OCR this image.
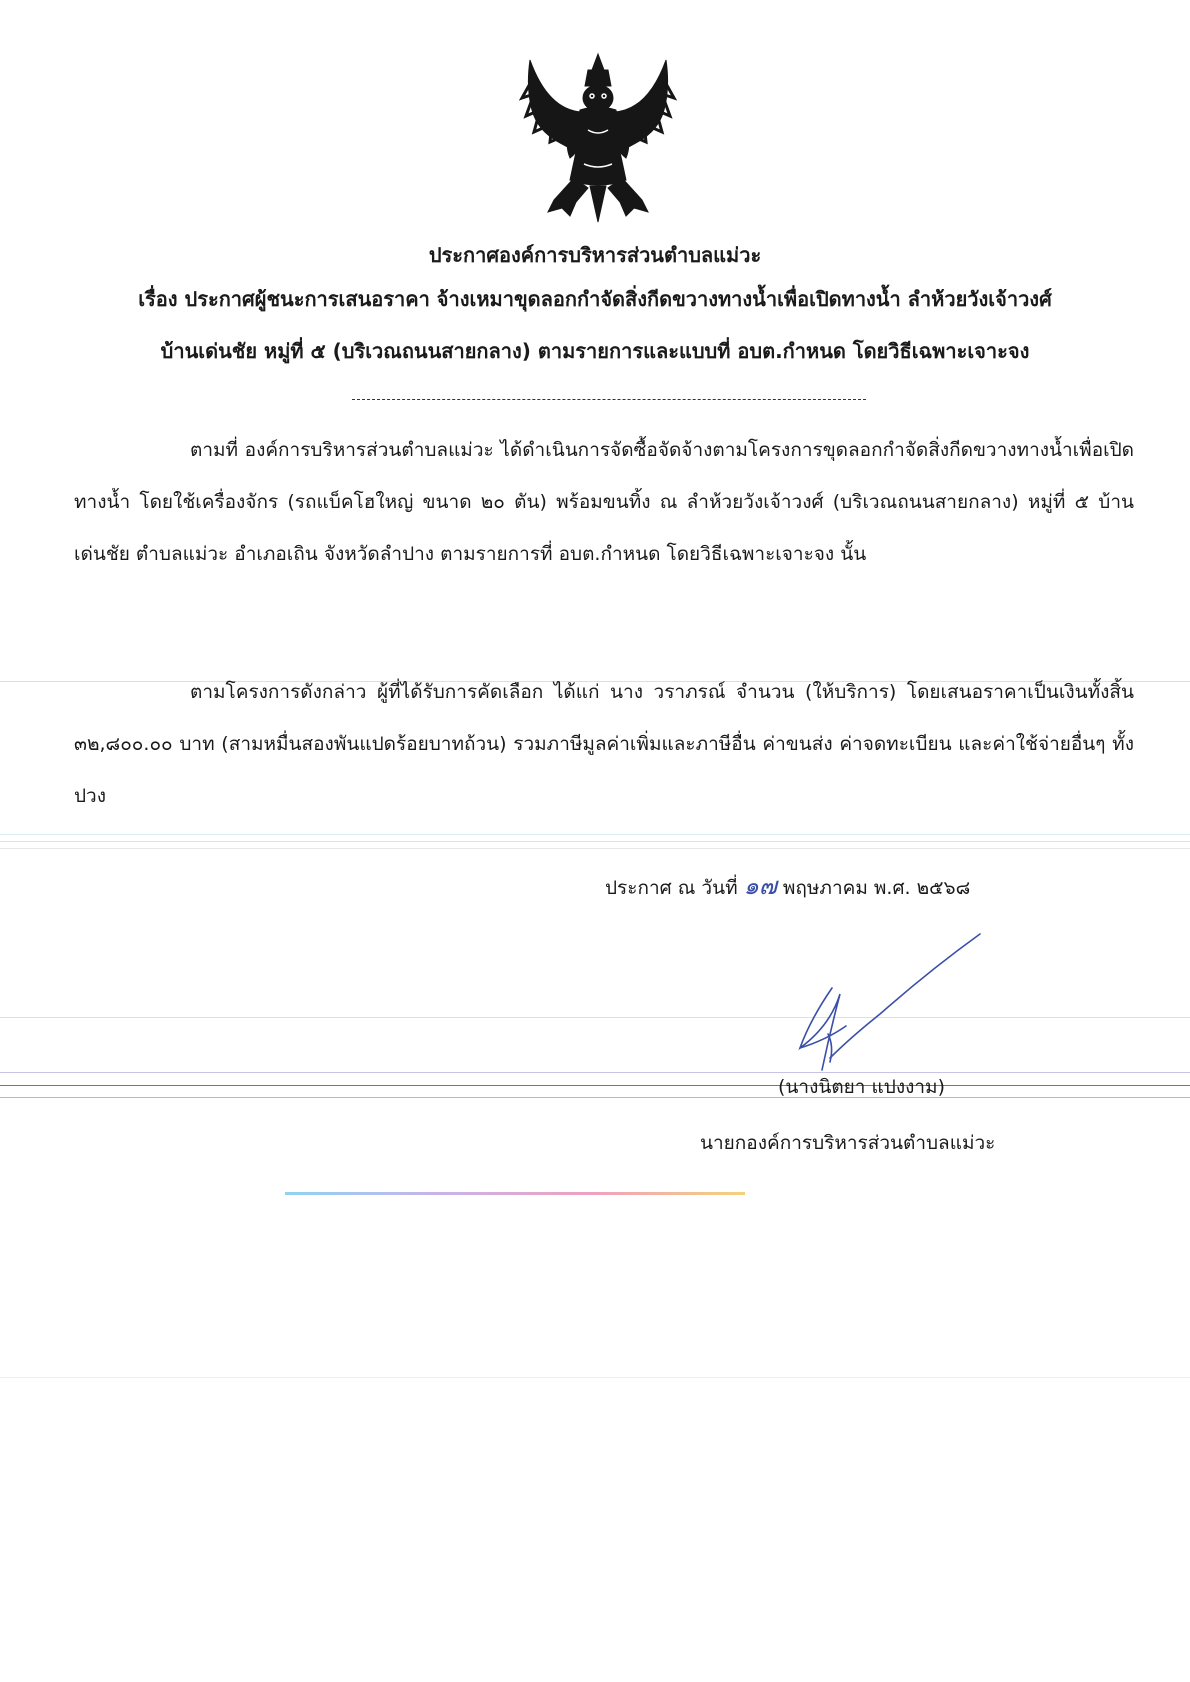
ประกาศองค์การบริหารส่วนตำบลแม่วะ
เรื่อง ประกาศผู้ชนะการเสนอราคา จ้างเหมาขุดลอกกำจัดสิ่งกีดขวางทางน้ำเพื่อเปิดทางน้ำ ลำห้วยวังเจ้าวงศ์
บ้านเด่นชัย หมู่ที่ ๕ (บริเวณถนนสายกลาง) ตามรายการและแบบที่ อบต.กำหนด โดยวิธีเฉพาะเจาะจง
ตามที่ องค์การบริหารส่วนตำบลแม่วะ ได้ดำเนินการจัดซื้อจัดจ้างตามโครงการขุดลอกกำจัดสิ่งกีดขวางทางน้ำเพื่อเปิดทางน้ำ โดยใช้เครื่องจักร (รถแบ็คโฮใหญ่ ขนาด ๒๐ ตัน) พร้อมขนทิ้ง ณ ลำห้วยวังเจ้าวงศ์ (บริเวณถนนสายกลาง) หมู่ที่ ๕ บ้านเด่นชัย ตำบลแม่วะ อำเภอเถิน จังหวัดลำปาง ตามรายการที่ อบต.กำหนด โดยวิธีเฉพาะเจาะจง นั้น
ตามโครงการดังกล่าว ผู้ที่ได้รับการคัดเลือก ได้แก่ นาง วราภรณ์ จำนวน (ให้บริการ) โดยเสนอราคาเป็นเงินทั้งสิ้น ๓๒,๘๐๐.๐๐ บาท (สามหมื่นสองพันแปดร้อยบาทถ้วน) รวมภาษีมูลค่าเพิ่มและภาษีอื่น ค่าขนส่ง ค่าจดทะเบียน และค่าใช้จ่ายอื่นๆ ทั้งปวง
ประกาศ ณ วันที่ ๑๗ พฤษภาคม พ.ศ. ๒๕๖๘
(นางนิตยา แปงงาม)
นายกองค์การบริหารส่วนตำบลแม่วะ
